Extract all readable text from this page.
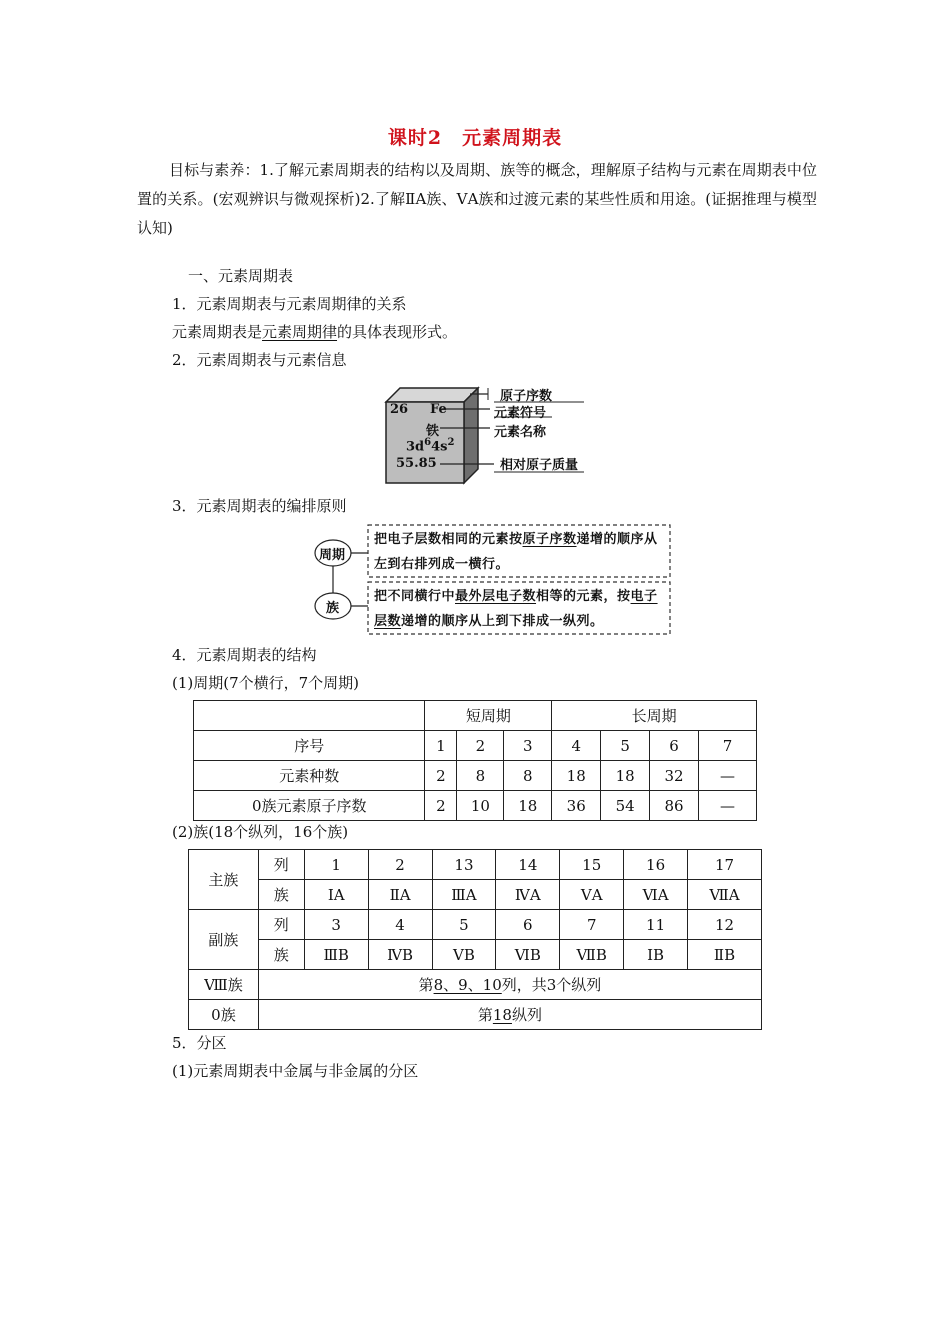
课时2　元素周期表
目标与素养：1.了解元素周期表的结构以及周期、族等的概念，理解原子结构与元素在周期表中位置的关系。(宏观辨识与微观探析)2.了解ⅡA族、ⅤA族和过渡元素的某些性质和用途。(证据推理与模型认知)
一、元素周期表
1．元素周期表与元素周期律的关系
元素周期表是元素周期律的具体表现形式。
2．元素周期表与元素信息
26 Fe
铁
$3d^64s^2$
55.85
原子序数
元素符号
元素名称
相对原子质量
3．元素周期表的编排原则
周期
族
把电子层数相同的元素按原子序数递增的顺序从左到右排列成一横行。
把不同横行中最外层电子数相等的元素，按电子层数递增的顺序从上到下排成一纵列。
4．元素周期表的结构
(1)周期(7个横行，7个周期)
	短周期			长周期			
序号	1	2	3	4	5	6	7
元素种数	2	8	8	18	18	32	—
0族元素原子序数	2	10	18	36	54	86	—
(2)族(18个纵列，16个族)
主族	列	1	2	13	14	15	16	17
	族	ⅠA	ⅡA	ⅢA	ⅣA	ⅤA	ⅥA	ⅦA
副族	列	3	4	5	6	7	11	12
	族	ⅢB	ⅣB	ⅤB	ⅥB	ⅦB	ⅠB	ⅡB
Ⅷ族	第8、9、10列，共3个纵列							
0族	第18纵列							
5．分区
(1)元素周期表中金属与非金属的分区
